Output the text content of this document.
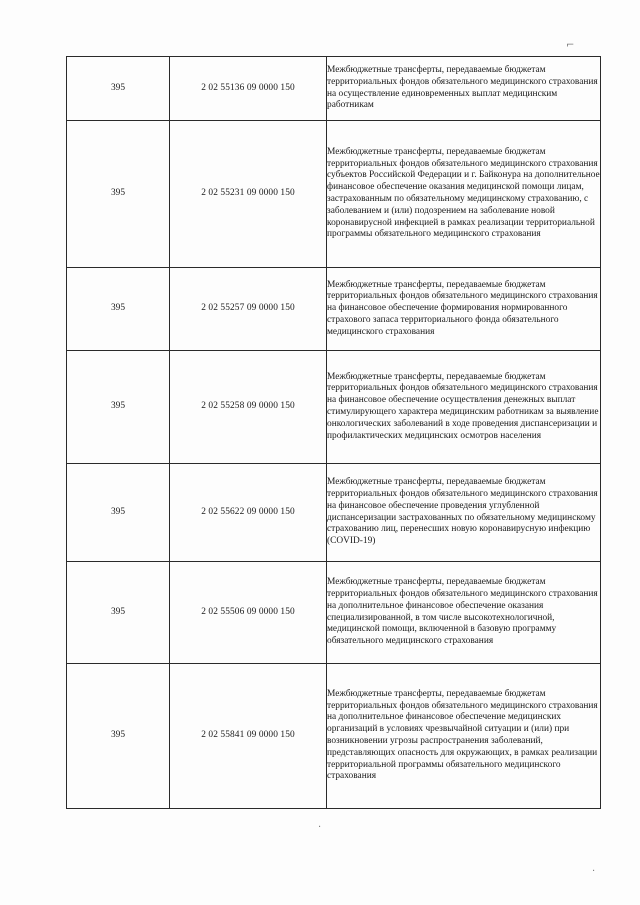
⌐
395	2 02 55136 09 0000 150	Межбюджетные трансферты, передаваемые бюджетам территориальных фондов обязательного медицинского страхования на осуществление единовременных выплат медицинским работникам
395	2 02 55231 09 0000 150	Межбюджетные трансферты, передаваемые бюджетам территориальных фондов обязательного медицинского страхования субъектов Российской Федерации и г. Байконура на дополнительное финансовое обеспечение оказания медицинской помощи лицам, застрахованным по обязательному медицинскому страхованию, с заболеванием и (или) подозрением на заболевание новой коронавирусной инфекцией в рамках реализации территориальной программы обязательного медицинского страхования
395	2 02 55257 09 0000 150	Межбюджетные трансферты, передаваемые бюджетам территориальных фондов обязательного медицинского страхования на финансовое обеспечение формирования нормированного страхового запаса территориального фонда обязательного медицинского страхования
395	2 02 55258 09 0000 150	Межбюджетные трансферты, передаваемые бюджетам территориальных фондов обязательного медицинского страхования на финансовое обеспечение осуществления денежных выплат стимулирующего характера медицинским работникам за выявление онкологических заболеваний в ходе проведения диспансеризации и профилактических медицинских осмотров населения
395	2 02 55622 09 0000 150	Межбюджетные трансферты, передаваемые бюджетам территориальных фондов обязательного медицинского страхования на финансовое обеспечение проведения углубленной диспансеризации застрахованных по обязательному медицинскому страхованию лиц, перенесших новую коронавирусную инфекцию (COVID-19)
395	2 02 55506 09 0000 150	Межбюджетные трансферты, передаваемые бюджетам территориальных фондов обязательного медицинского страхования на дополнительное финансовое обеспечение оказания специализированной, в том числе высокотехнологичной, медицинской помощи, включенной в базовую программу обязательного медицинского страхования
395	2 02 55841 09 0000 150	Межбюджетные трансферты, передаваемые бюджетам территориальных фондов обязательного медицинского страхования на дополнительное финансовое обеспечение медицинских организаций в условиях чрезвычайной ситуации и (или) при возникновении угрозы распространения заболеваний, представляющих опасность для окружающих, в рамках реализации территориальной программы обязательного медицинского страхования
·
·
